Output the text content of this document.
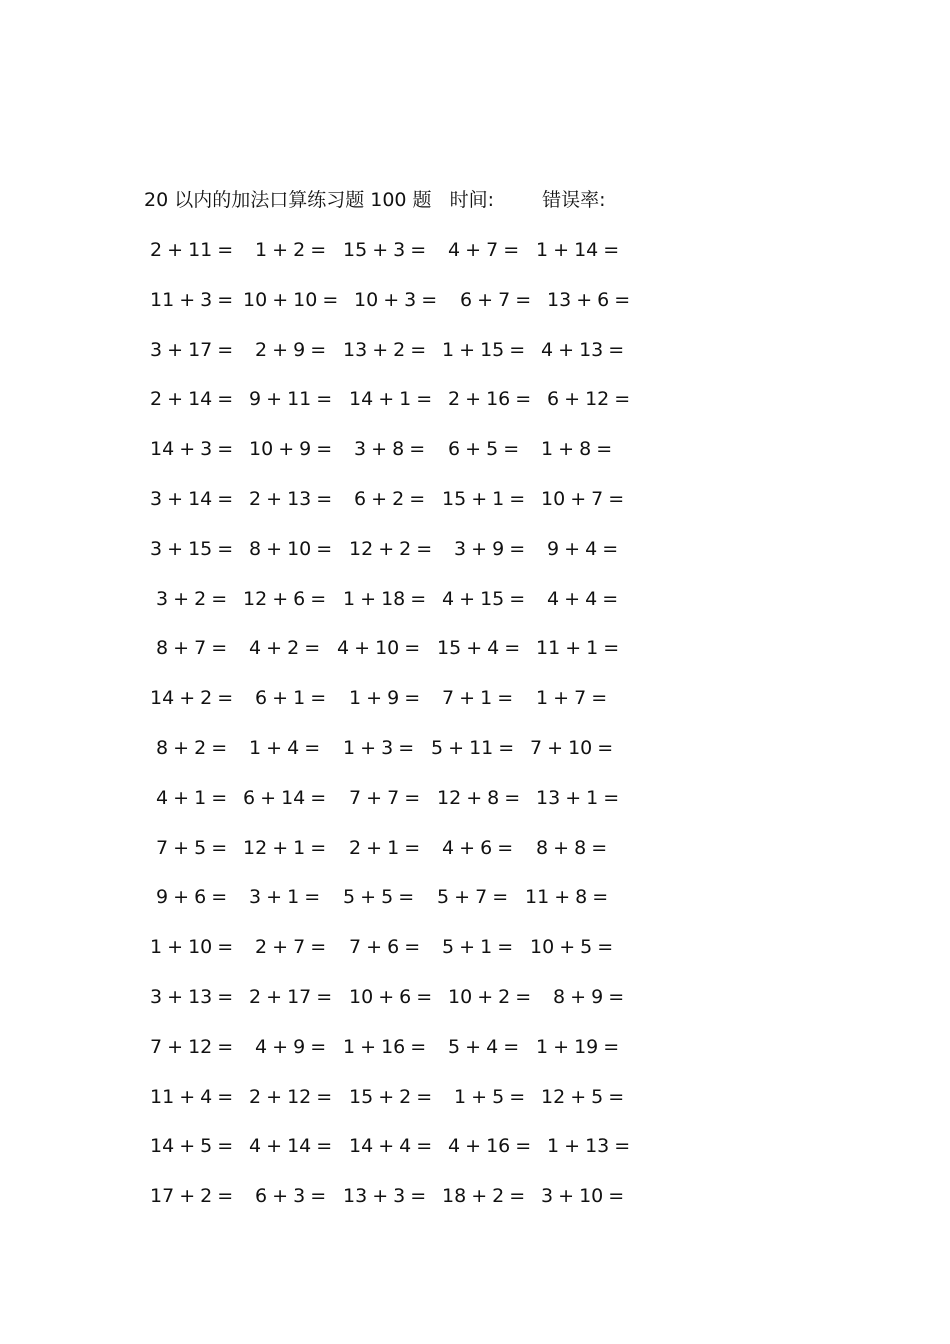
20 以内的加法口算练习题 100 题 时间:	错误率:
2 + 11 = 1 + 2 = 15 + 3 = 4 + 7 = 1 + 14 =
11 + 3 = 10 + 10 = 10 + 3 = 6 + 7 = 13 + 6 =
3 + 17 = 2 + 9 = 13 + 2 = 1 + 15 = 4 + 13 =
2 + 14 = 9 + 11 = 14 + 1 = 2 + 16 = 6 + 12 =
14 + 3 = 10 + 9 = 3 + 8 = 6 + 5 = 1 + 8 =
3 + 14 = 2 + 13 = 6 + 2 = 15 + 1 = 10 + 7 =
3 + 15 = 8 + 10 = 12 + 2 = 3 + 9 = 9 + 4 =
3 + 2 = 12 + 6 = 1 + 18 = 4 + 15 = 4 + 4 =
8 + 7 = 4 + 2 = 4 + 10 = 15 + 4 = 11 + 1 =
14 + 2 = 6 + 1 = 1 + 9 = 7 + 1 = 1 + 7 =
8 + 2 = 1 + 4 = 1 + 3 = 5 + 11 = 7 + 10 =
4 + 1 = 6 + 14 = 7 + 7 = 12 + 8 = 13 + 1 =
7 + 5 = 12 + 1 = 2 + 1 = 4 + 6 = 8 + 8 =
9 + 6 = 3 + 1 = 5 + 5 = 5 + 7 = 11 + 8 =
1 + 10 = 2 + 7 = 7 + 6 = 5 + 1 = 10 + 5 =
3 + 13 = 2 + 17 = 10 + 6 = 10 + 2 = 8 + 9 =
7 + 12 = 4 + 9 = 1 + 16 = 5 + 4 = 1 + 19 =
11 + 4 = 2 + 12 = 15 + 2 = 1 + 5 = 12 + 5 =
14 + 5 = 4 + 14 = 14 + 4 = 4 + 16 = 1 + 13 =
17 + 2 = 6 + 3 = 13 + 3 = 18 + 2 = 3 + 10 =
